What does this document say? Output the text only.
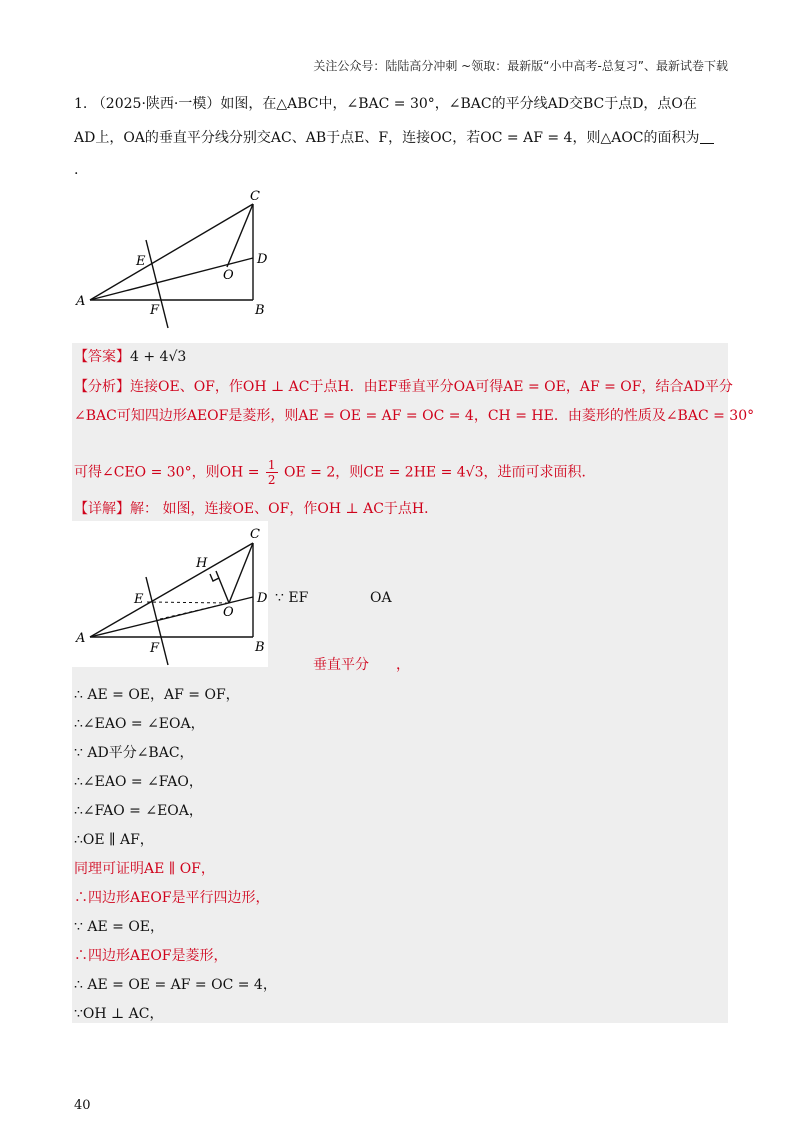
关注公众号：陆陆高分冲刺 ~领取：最新版“小中高考-总复习”、最新试卷下载
1. （2025·陕西·一模）如图，在△ABC中，∠BAC = 30°，∠BAC的平分线AD交BC于点D，点O在
AD上，OA的垂直平分线分别交AC、AB于点E、F，连接OC，若OC = AF = 4，则△AOC的面积为
.
A
B
C
D
E
F
O
【答案】4 + 4√3
【分析】连接OE、OF，作OH ⊥ AC于点H．由EF垂直平分OA可得AE = OE，AF = OF，结合AD平分
∠BAC可知四边形AEOF是菱形，则AE = OE = AF = OC = 4，CH = HE．由菱形的性质及∠BAC = 30°
可得∠CEO = 30°，则OH = $\frac{1}{2}$ OE = 2，则CE = 2HE = 4√3，进而可求面积．
【详解】解： 如图，连接OE、OF，作OH ⊥ AC于点H．
A
B
C
D
E
F
O
H
∵ EF	OA
垂直平分 ，
∴ AE = OE，AF = OF，
∴∠EAO = ∠EOA，
∵ AD平分∠BAC，
∴∠EAO = ∠FAO，
∴∠FAO = ∠EOA，
∴OE ∥ AF，
同理可证明AE ∥ OF，
∴四边形AEOF是平行四边形，
∵ AE = OE，
∴四边形AEOF是菱形，
∴ AE = OE = AF = OC = 4，
∵OH ⊥ AC，
40
